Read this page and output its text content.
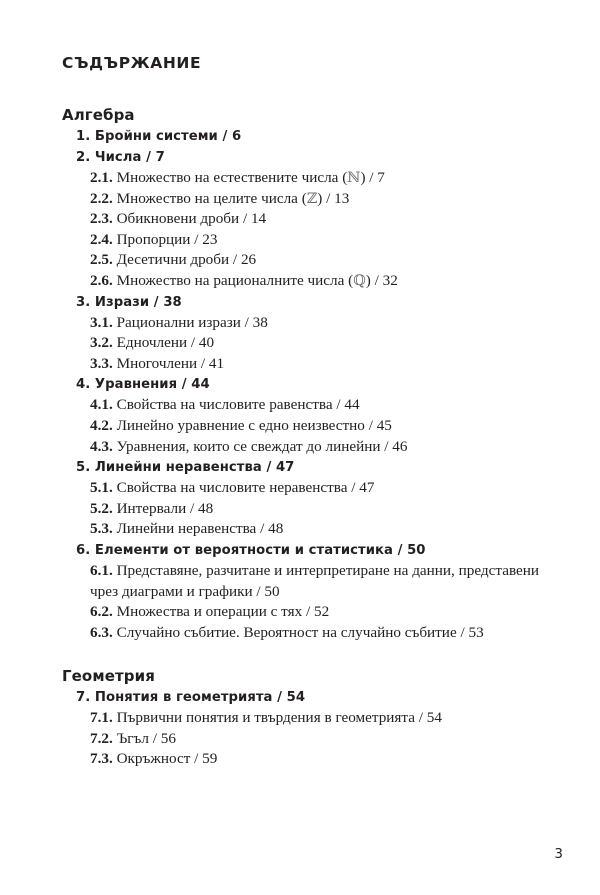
СЪДЪРЖАНИЕ
Алгебра
1. Бройни системи / 6
2. Числа / 7
2.1. Множество на естествените числа (ℕ) / 7
2.2. Множество на целите числа (ℤ) / 13
2.3. Обикновени дроби / 14
2.4. Пропорции / 23
2.5. Десетични дроби / 26
2.6. Множество на рационалните числа (ℚ) / 32
3. Изрази / 38
3.1. Рационални изрази / 38
3.2. Едночлени / 40
3.3. Многочлени / 41
4. Уравнения / 44
4.1. Свойства на числовите равенства / 44
4.2. Линейно уравнение с едно неизвестно / 45
4.3. Уравнения, които се свеждат до линейни / 46
5. Линейни неравенства / 47
5.1. Свойства на числовите неравенства / 47
5.2. Интервали / 48
5.3. Линейни неравенства / 48
6. Елементи от вероятности и статистика / 50
6.1. Представяне, разчитане и интерпретиране на данни, представени чрез диаграми и графики / 50
6.2. Множества и операции с тях / 52
6.3. Случайно събитие. Вероятност на случайно събитие / 53
Геометрия
7. Понятия в геометрията / 54
7.1. Първични понятия и твърдения в геометрията / 54
7.2. Ъгъл / 56
7.3. Окръжност / 59
3
